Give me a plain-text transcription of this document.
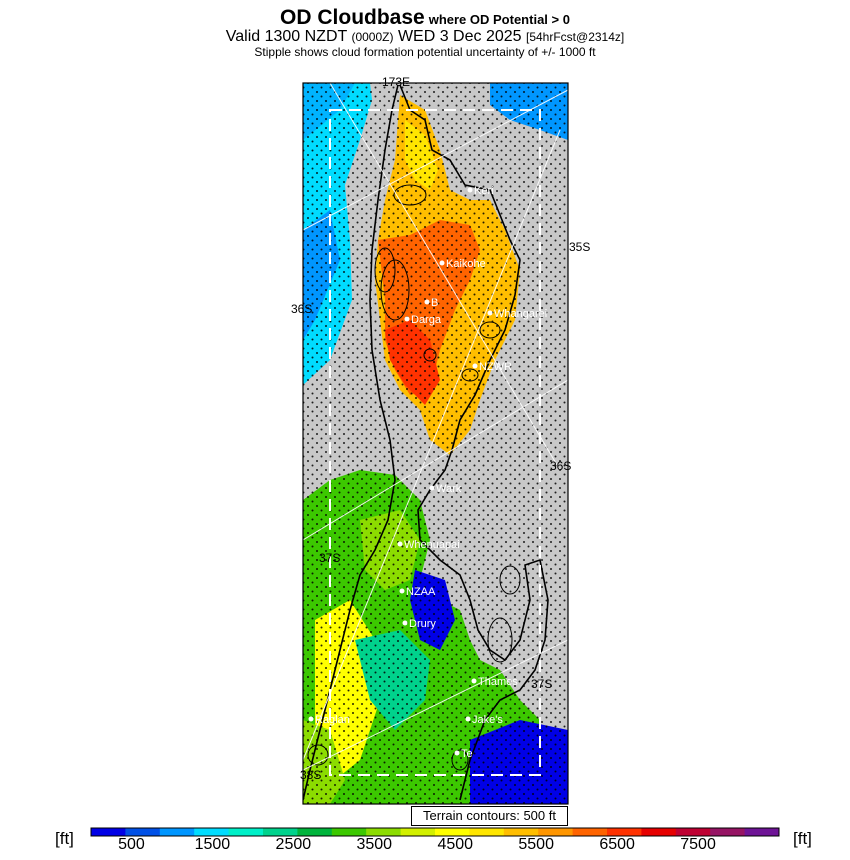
OD Cloudbase where OD Potential > 0
Valid 1300 NZDT (0000Z) WED 3 Dec 2025 [54hrFcst@2314z]
Stipple shows cloud formation potential uncertainty of +/- 1000 ft
Keri
Kaikohe
B
Darga	Whangarei
NZWR
Wark
Whenuapai
NZAA
Drury
Thames
Raglan	Jake's
Te
173E
35S
36S
36S
37S
37S
38S
Terrain contours: 500 ft
[ft]	[ft]
500	1500	2500	3500	4500	5500	6500	7500
